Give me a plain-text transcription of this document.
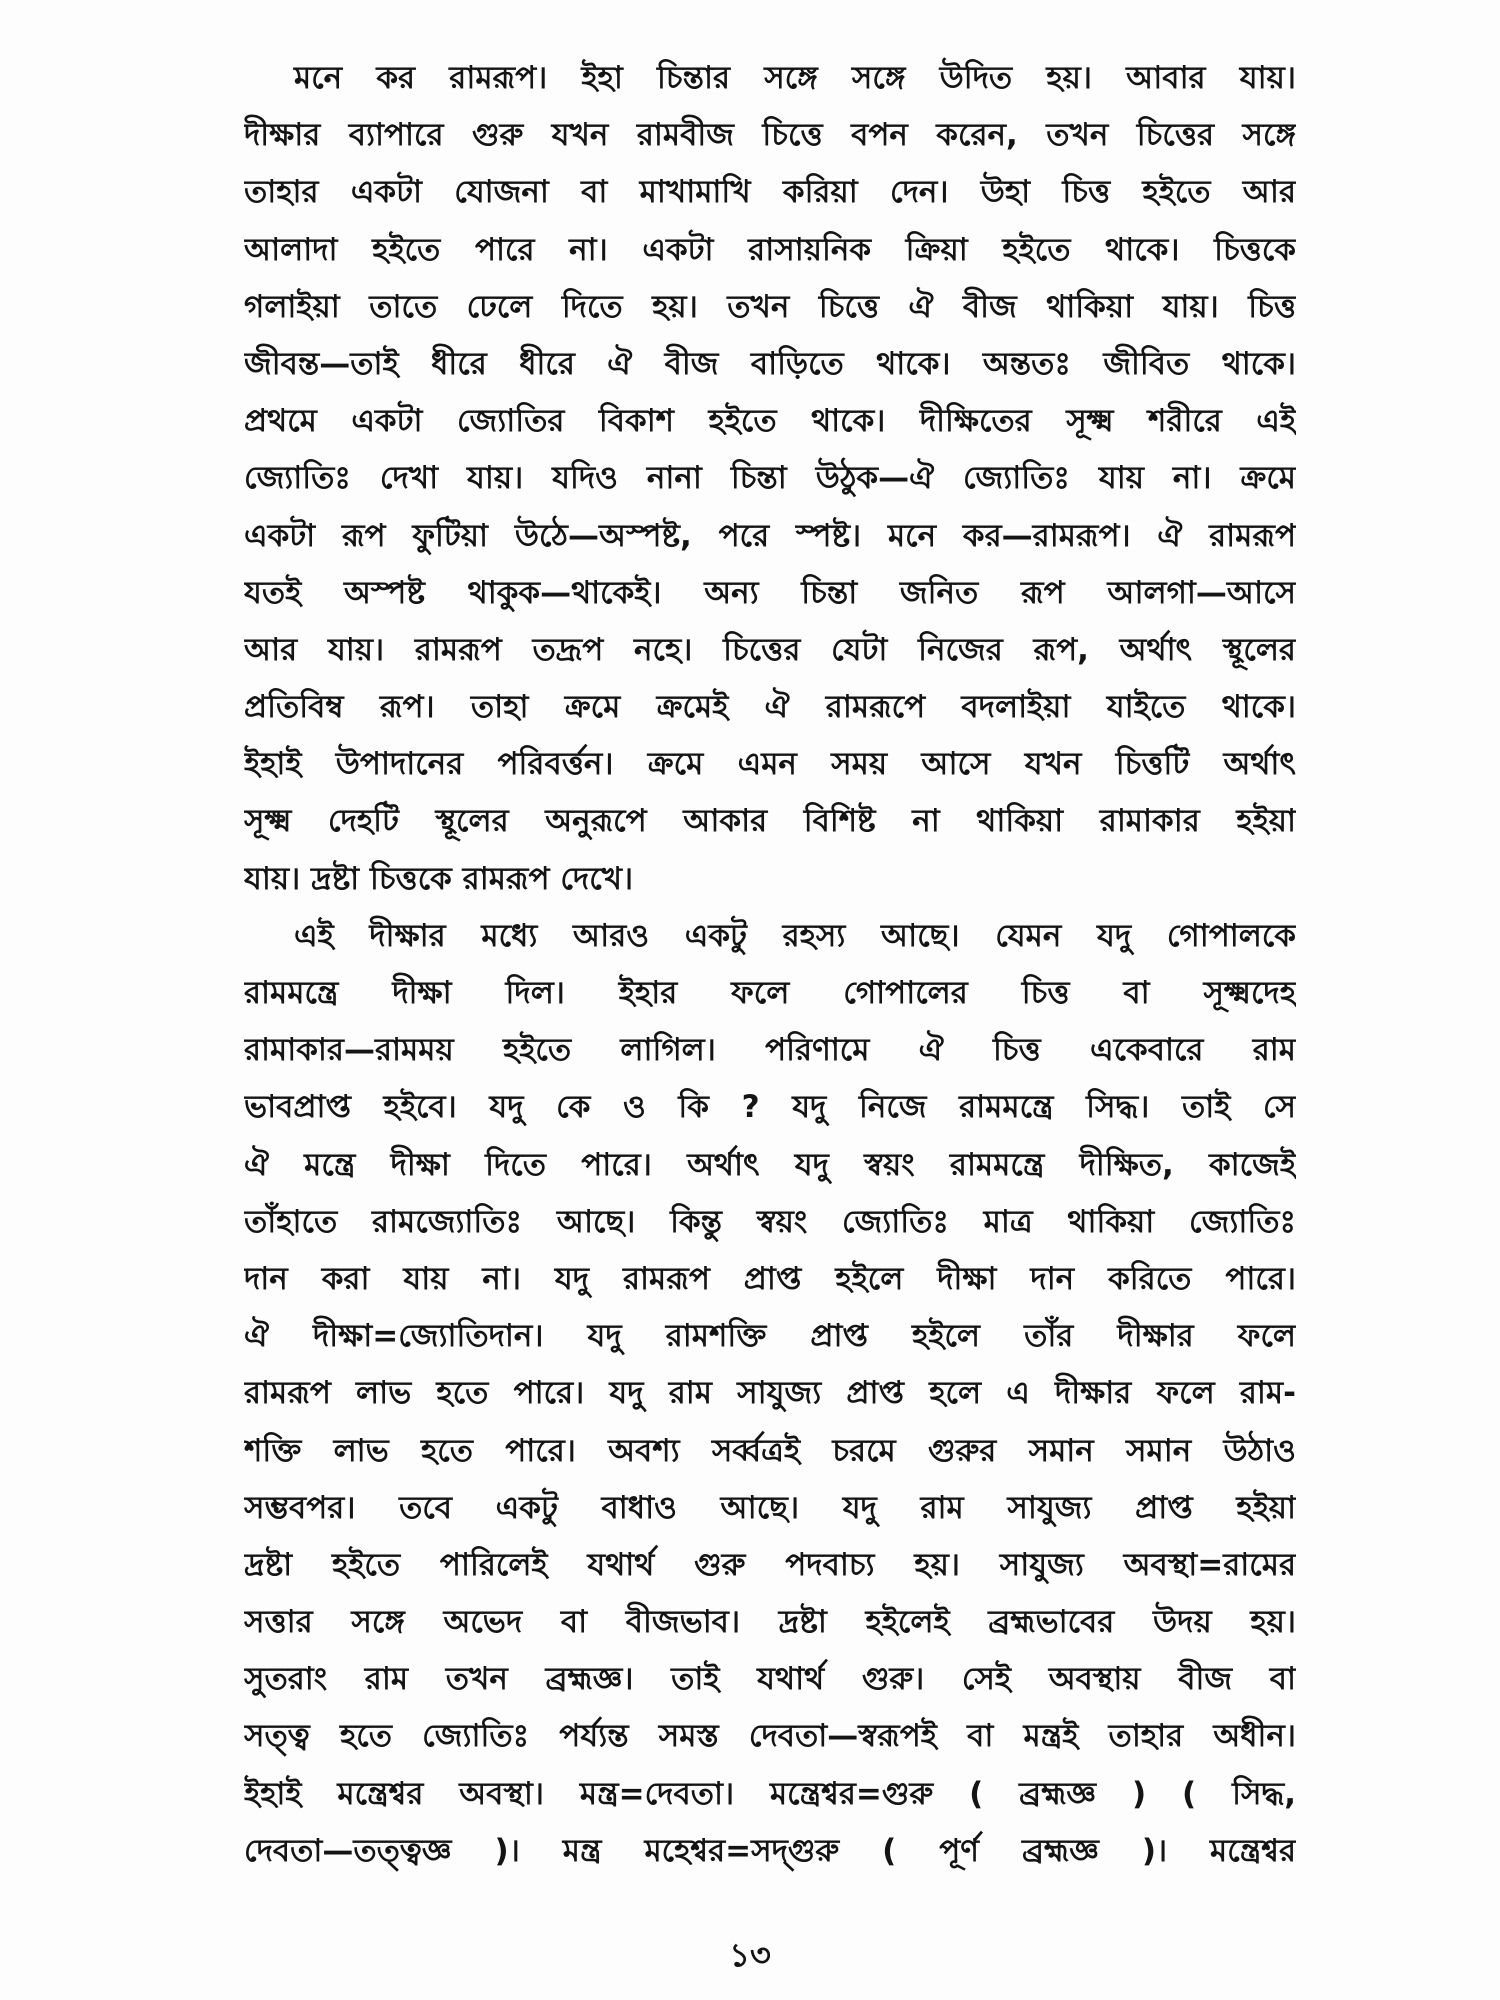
মনে কর রামরূপ। ইহা চিন্তার সঙ্গে সঙ্গে উদিত হয়। আবার যায়।
দীক্ষার ব্যাপারে গুরু যখন রামবীজ চিত্তে বপন করেন, তখন চিত্তের সঙ্গে
তাহার একটা যোজনা বা মাখামাখি করিয়া দেন। উহা চিত্ত হইতে আর
আলাদা হইতে পারে না। একটা রাসায়নিক ক্রিয়া হইতে থাকে। চিত্তকে
গলাইয়া তাতে ঢেলে দিতে হয়। তখন চিত্তে ঐ বীজ থাকিয়া যায়। চিত্ত
জীবন্ত—তাই ধীরে ধীরে ঐ বীজ বাড়িতে থাকে। অন্ততঃ জীবিত থাকে।
প্রথমে একটা জ্যোতির বিকাশ হইতে থাকে। দীক্ষিতের সূক্ষ্ম শরীরে এই
জ্যোতিঃ দেখা যায়। যদিও নানা চিন্তা উঠুক—ঐ জ্যোতিঃ যায় না। ক্রমে
একটা রূপ ফুটিয়া উঠে—অস্পষ্ট, পরে স্পষ্ট। মনে কর—রামরূপ। ঐ রামরূপ
যতই অস্পষ্ট থাকুক—থাকেই। অন্য চিন্তা জনিত রূপ আলগা—আসে
আর যায়। রামরূপ তদ্রূপ নহে। চিত্তের যেটা নিজের রূপ, অর্থাৎ স্থূলের
প্রতিবিম্ব রূপ। তাহা ক্রমে ক্রমেই ঐ রামরূপে বদলাইয়া যাইতে থাকে।
ইহাই উপাদানের পরিবর্ত্তন। ক্রমে এমন সময় আসে যখন চিত্তটি অর্থাৎ
সূক্ষ্ম দেহটি স্থূলের অনুরূপে আকার বিশিষ্ট না থাকিয়া রামাকার হইয়া
যায়। দ্রষ্টা চিত্তকে রামরূপ দেখে।
এই দীক্ষার মধ্যে আরও একটু রহস্য আছে। যেমন যদু গোপালকে
রামমন্ত্রে দীক্ষা দিল। ইহার ফলে গোপালের চিত্ত বা সূক্ষ্মদেহ
রামাকার—রামময় হইতে লাগিল। পরিণামে ঐ চিত্ত একেবারে রাম
ভাবপ্রাপ্ত হইবে। যদু কে ও কি ? যদু নিজে রামমন্ত্রে সিদ্ধ। তাই সে
ঐ মন্ত্রে দীক্ষা দিতে পারে। অর্থাৎ যদু স্বয়ং রামমন্ত্রে দীক্ষিত, কাজেই
তাঁহাতে রামজ্যোতিঃ আছে। কিন্তু স্বয়ং জ্যোতিঃ মাত্র থাকিয়া জ্যোতিঃ
দান করা যায় না। যদু রামরূপ প্রাপ্ত হইলে দীক্ষা দান করিতে পারে।
ঐ দীক্ষা=জ্যোতিদান। যদু রামশক্তি প্রাপ্ত হইলে তাঁর দীক্ষার ফলে
রামরূপ লাভ হতে পারে। যদু রাম সাযুজ্য প্রাপ্ত হলে এ দীক্ষার ফলে রাম-
শক্তি লাভ হতে পারে। অবশ্য সর্ব্বত্রই চরমে গুরুর সমান সমান উঠাও
সম্ভবপর। তবে একটু বাধাও আছে। যদু রাম সাযুজ্য প্রাপ্ত হইয়া
দ্রষ্টা হইতে পারিলেই যথার্থ গুরু পদবাচ্য হয়। সাযুজ্য অবস্থা=রামের
সত্তার সঙ্গে অভেদ বা বীজভাব। দ্রষ্টা হইলেই ব্রহ্মভাবের উদয় হয়।
সুতরাং রাম তখন ব্রহ্মজ্ঞ। তাই যথার্থ গুরু। সেই অবস্থায় বীজ বা
সত্ত্ব হতে জ্যোতিঃ পর্য্যন্ত সমস্ত দেবতা—স্বরূপই বা মন্ত্রই তাহার অধীন।
ইহাই মন্ত্রেশ্বর অবস্থা। মন্ত্র=দেবতা। মন্ত্রেশ্বর=গুরু ( ব্রহ্মজ্ঞ ) ( সিদ্ধ,
দেবতা—তত্ত্বজ্ঞ )। মন্ত্র মহেশ্বর=সদ্গুরু ( পূর্ণ ব্রহ্মজ্ঞ )। মন্ত্রেশ্বর
১৩
